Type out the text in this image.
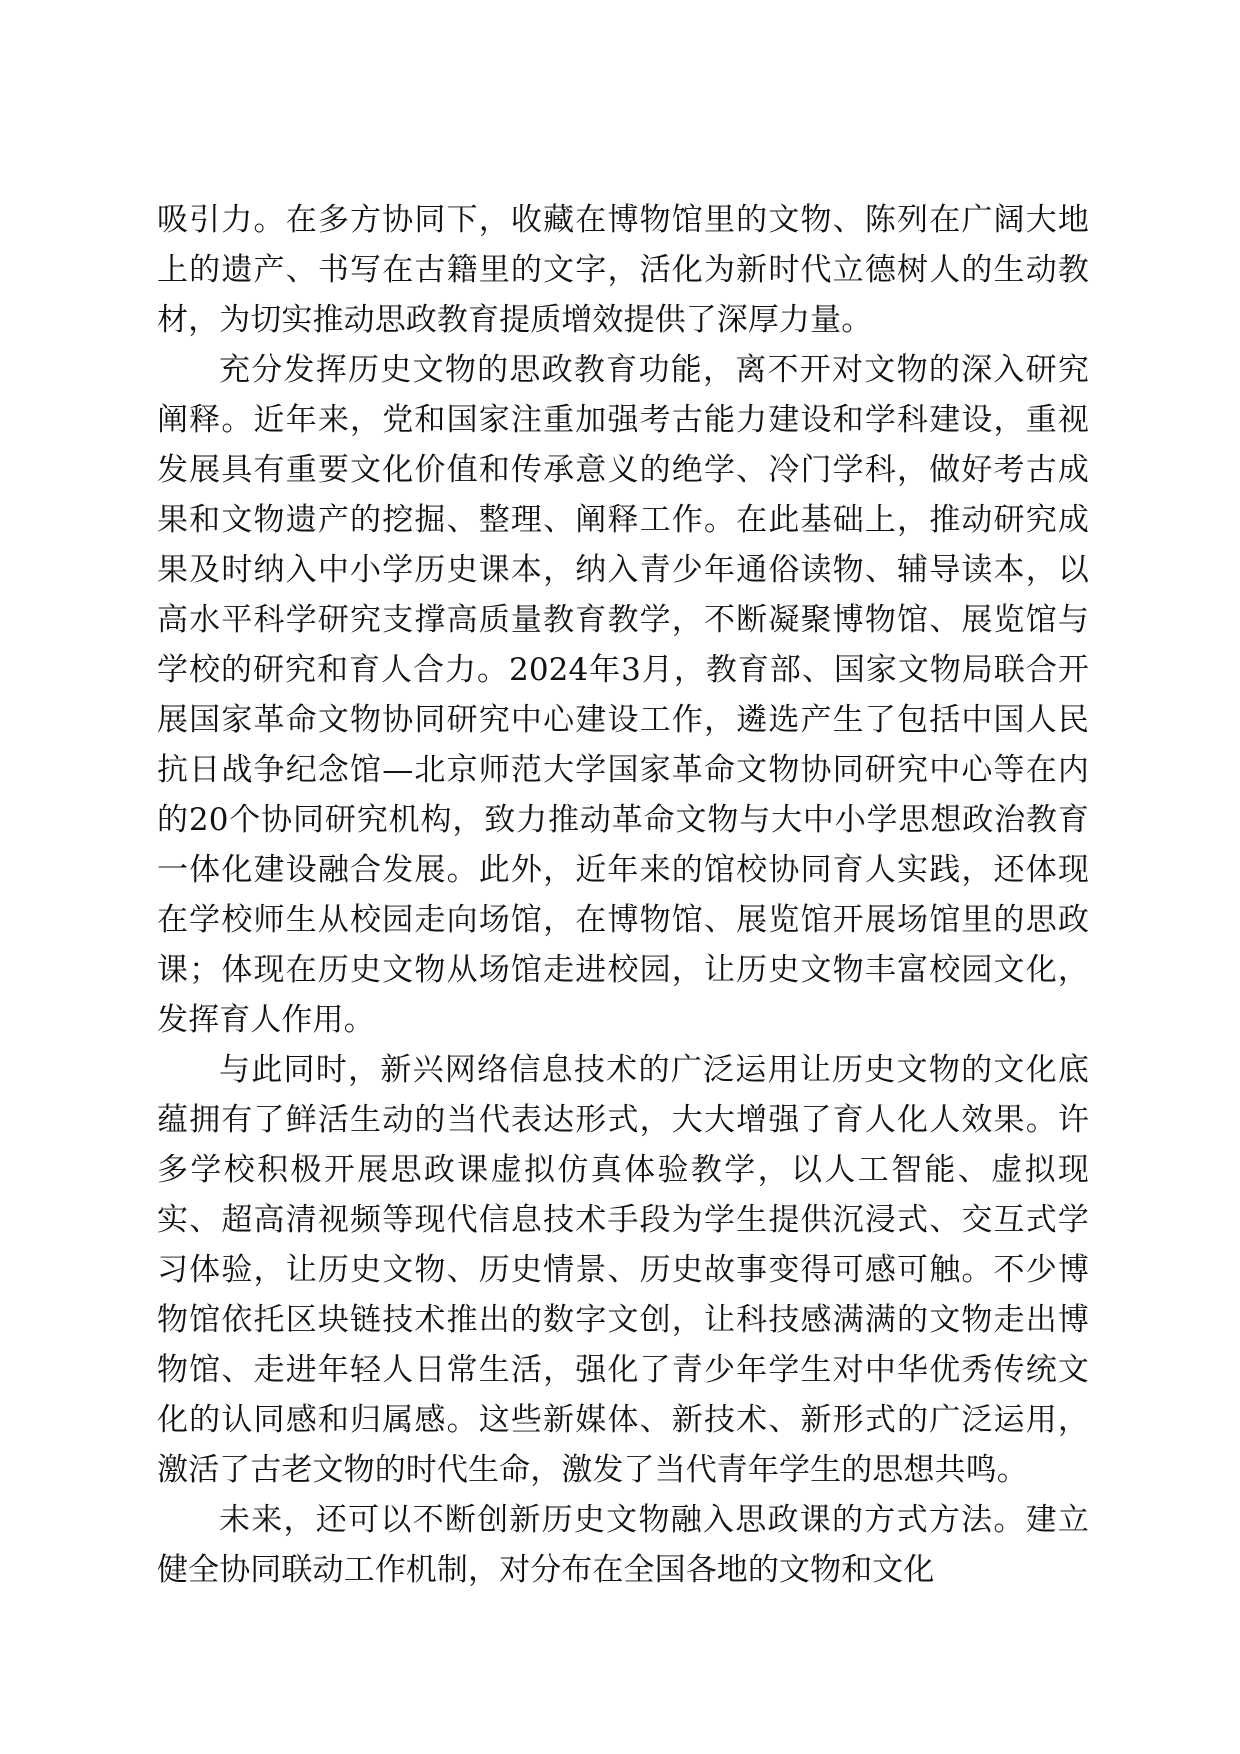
吸引力。在多方协同下，收藏在博物馆里的文物、陈列在广阔大地上的遗产、书写在古籍里的文字，活化为新时代立德树人的生动教材，为切实推动思政教育提质增效提供了深厚力量。

充分发挥历史文物的思政教育功能，离不开对文物的深入研究阐释。近年来，党和国家注重加强考古能力建设和学科建设，重视发展具有重要文化价值和传承意义的绝学、冷门学科，做好考古成果和文物遗产的挖掘、整理、阐释工作。在此基础上，推动研究成果及时纳入中小学历史课本，纳入青少年通俗读物、辅导读本，以高水平科学研究支撑高质量教育教学，不断凝聚博物馆、展览馆与学校的研究和育人合力。2024年3月，教育部、国家文物局联合开展国家革命文物协同研究中心建设工作，遴选产生了包括中国人民抗日战争纪念馆—北京师范大学国家革命文物协同研究中心等在内的20个协同研究机构，致力推动革命文物与大中小学思想政治教育一体化建设融合发展。此外，近年来的馆校协同育人实践，还体现在学校师生从校园走向场馆，在博物馆、展览馆开展场馆里的思政课；体现在历史文物从场馆走进校园，让历史文物丰富校园文化，发挥育人作用。

与此同时，新兴网络信息技术的广泛运用让历史文物的文化底蕴拥有了鲜活生动的当代表达形式，大大增强了育人化人效果。许多学校积极开展思政课虚拟仿真体验教学，以人工智能、虚拟现实、超高清视频等现代信息技术手段为学生提供沉浸式、交互式学习体验，让历史文物、历史情景、历史故事变得可感可触。不少博物馆依托区块链技术推出的数字文创，让科技感满满的文物走出博物馆、走进年轻人日常生活，强化了青少年学生对中华优秀传统文化的认同感和归属感。这些新媒体、新技术、新形式的广泛运用，激活了古老文物的时代生命，激发了当代青年学生的思想共鸣。

未来，还可以不断创新历史文物融入思政课的方式方法。建立健全协同联动工作机制，对分布在全国各地的文物和文化
